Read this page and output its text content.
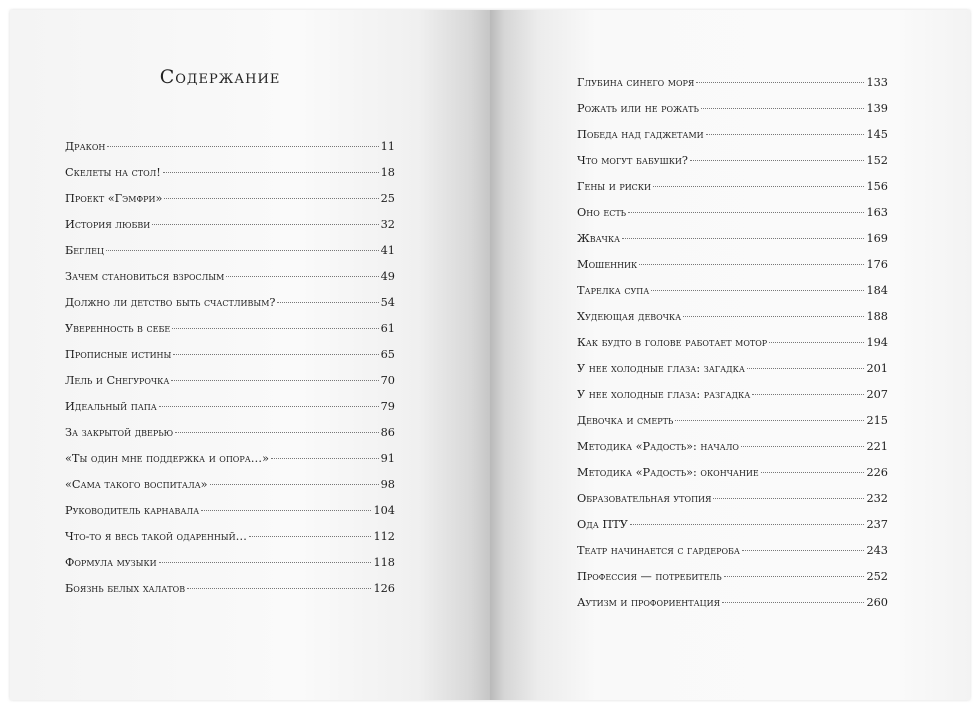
Содержание
Дракон	11
Скелеты на стол!	18
Проект «Гэмфри»	25
История любви	32
Беглец	41
Зачем становиться взрослым	49
Должно ли детство быть счастливым?	54
Уверенность в себе	61
Прописные истины	65
Лель и Снегурочка	70
Идеальный папа	79
За закрытой дверью	86
«Ты один мне поддержка и опора…»	91
«Сама такого воспитала»	98
Руководитель карнавала	104
Что-то я весь такой одаренный…	112
Формула музыки	118
Боязнь белых халатов	126
Глубина синего моря	133
Рожать или не рожать	139
Победа над гаджетами	145
Что могут бабушки?	152
Гены и риски	156
Оно есть	163
Жвачка	169
Мошенник	176
Тарелка супа	184
Худеющая девочка	188
Как будто в голове работает мотор	194
У нее холодные глаза: загадка	201
У нее холодные глаза: разгадка	207
Девочка и смерть	215
Методика «Радость»: начало	221
Методика «Радость»: окончание	226
Образовательная утопия	232
Ода ПТУ	237
Театр начинается с гардероба	243
Профессия — потребитель	252
Аутизм и профориентация	260
